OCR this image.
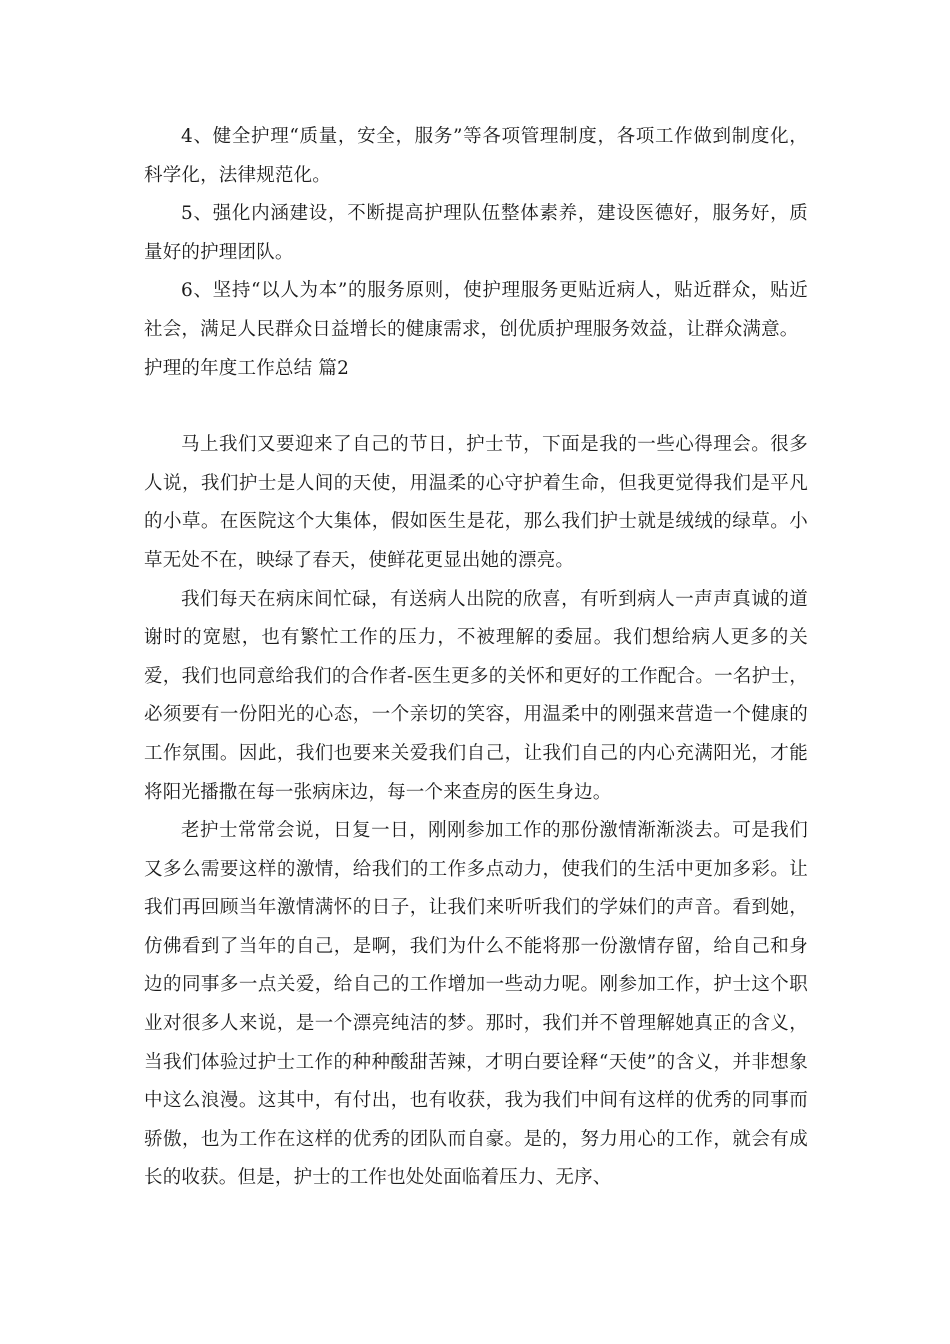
4、健全护理“质量，安全，服务”等各项管理制度，各项工作做到制度化，科学化，法律规范化。

5、强化内涵建设，不断提高护理队伍整体素养，建设医德好，服务好，质量好的护理团队。

6、坚持“以人为本”的服务原则，使护理服务更贴近病人，贴近群众，贴近社会，满足人民群众日益增长的健康需求，创优质护理服务效益，让群众满意。

护理的年度工作总结 篇2

马上我们又要迎来了自己的节日，护士节，下面是我的一些心得理会。很多人说，我们护士是人间的天使，用温柔的心守护着生命，但我更觉得我们是平凡的小草。在医院这个大集体，假如医生是花，那么我们护士就是绒绒的绿草。小草无处不在，映绿了春天，使鲜花更显出她的漂亮。

我们每天在病床间忙碌，有送病人出院的欣喜，有听到病人一声声真诚的道谢时的宽慰，也有繁忙工作的压力，不被理解的委屈。我们想给病人更多的关爱，我们也同意给我们的合作者-医生更多的关怀和更好的工作配合。一名护士，必须要有一份阳光的心态，一个亲切的笑容，用温柔中的刚强来营造一个健康的工作氛围。因此，我们也要来关爱我们自己，让我们自己的内心充满阳光，才能将阳光播撒在每一张病床边，每一个来查房的医生身边。

老护士常常会说，日复一日，刚刚参加工作的那份激情渐渐淡去。可是我们又多么需要这样的激情，给我们的工作多点动力，使我们的生活中更加多彩。让我们再回顾当年激情满怀的日子，让我们来听听我们的学妹们的声音。看到她，仿佛看到了当年的自己，是啊，我们为什么不能将那一份激情存留，给自己和身边的同事多一点关爱，给自己的工作增加一些动力呢。刚参加工作，护士这个职业对很多人来说，是一个漂亮纯洁的梦。那时，我们并不曾理解她真正的含义，当我们体验过护士工作的种种酸甜苦辣，才明白要诠释“天使”的含义，并非想象中这么浪漫。这其中，有付出，也有收获，我为我们中间有这样的优秀的同事而骄傲，也为工作在这样的优秀的团队而自豪。是的，努力用心的工作，就会有成长的收获。但是，护士的工作也处处面临着压力、无序、
